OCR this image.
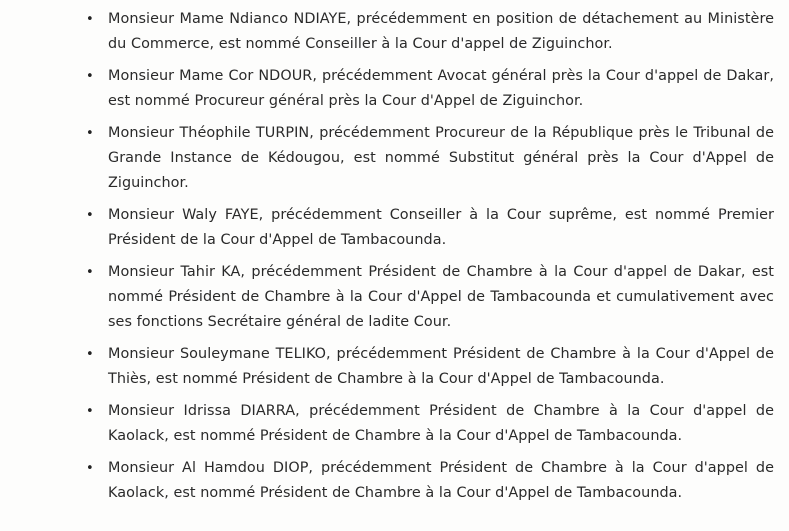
• Monsieur Mame Ndianco NDIAYE, précédemment en position de détachement au Ministère du Commerce, est nommé Conseiller à la Cour d'appel de Ziguinchor.
• Monsieur Mame Cor NDOUR, précédemment Avocat général près la Cour d'appel de Dakar, est nommé Procureur général près la Cour d'Appel de Ziguinchor.
• Monsieur Théophile TURPIN, précédemment Procureur de la République près le Tribunal de Grande Instance de Kédougou, est nommé Substitut général près la Cour d'Appel de Ziguinchor.
• Monsieur Waly FAYE, précédemment Conseiller à la Cour suprême, est nommé Premier Président de la Cour d'Appel de Tambacounda.
• Monsieur Tahir KA, précédemment Président de Chambre à la Cour d'appel de Dakar, est nommé Président de Chambre à la Cour d'Appel de Tambacounda et cumulativement avec ses fonctions Secrétaire général de ladite Cour.
• Monsieur Souleymane TELIKO, précédemment Président de Chambre à la Cour d'Appel de Thiès, est nommé Président de Chambre à la Cour d'Appel de Tambacounda.
• Monsieur Idrissa DIARRA, précédemment Président de Chambre à la Cour d'appel de Kaolack, est nommé Président de Chambre à la Cour d'Appel de Tambacounda.
• Monsieur Al Hamdou DIOP, précédemment Président de Chambre à la Cour d'appel de Kaolack, est nommé Président de Chambre à la Cour d'Appel de Tambacounda.
